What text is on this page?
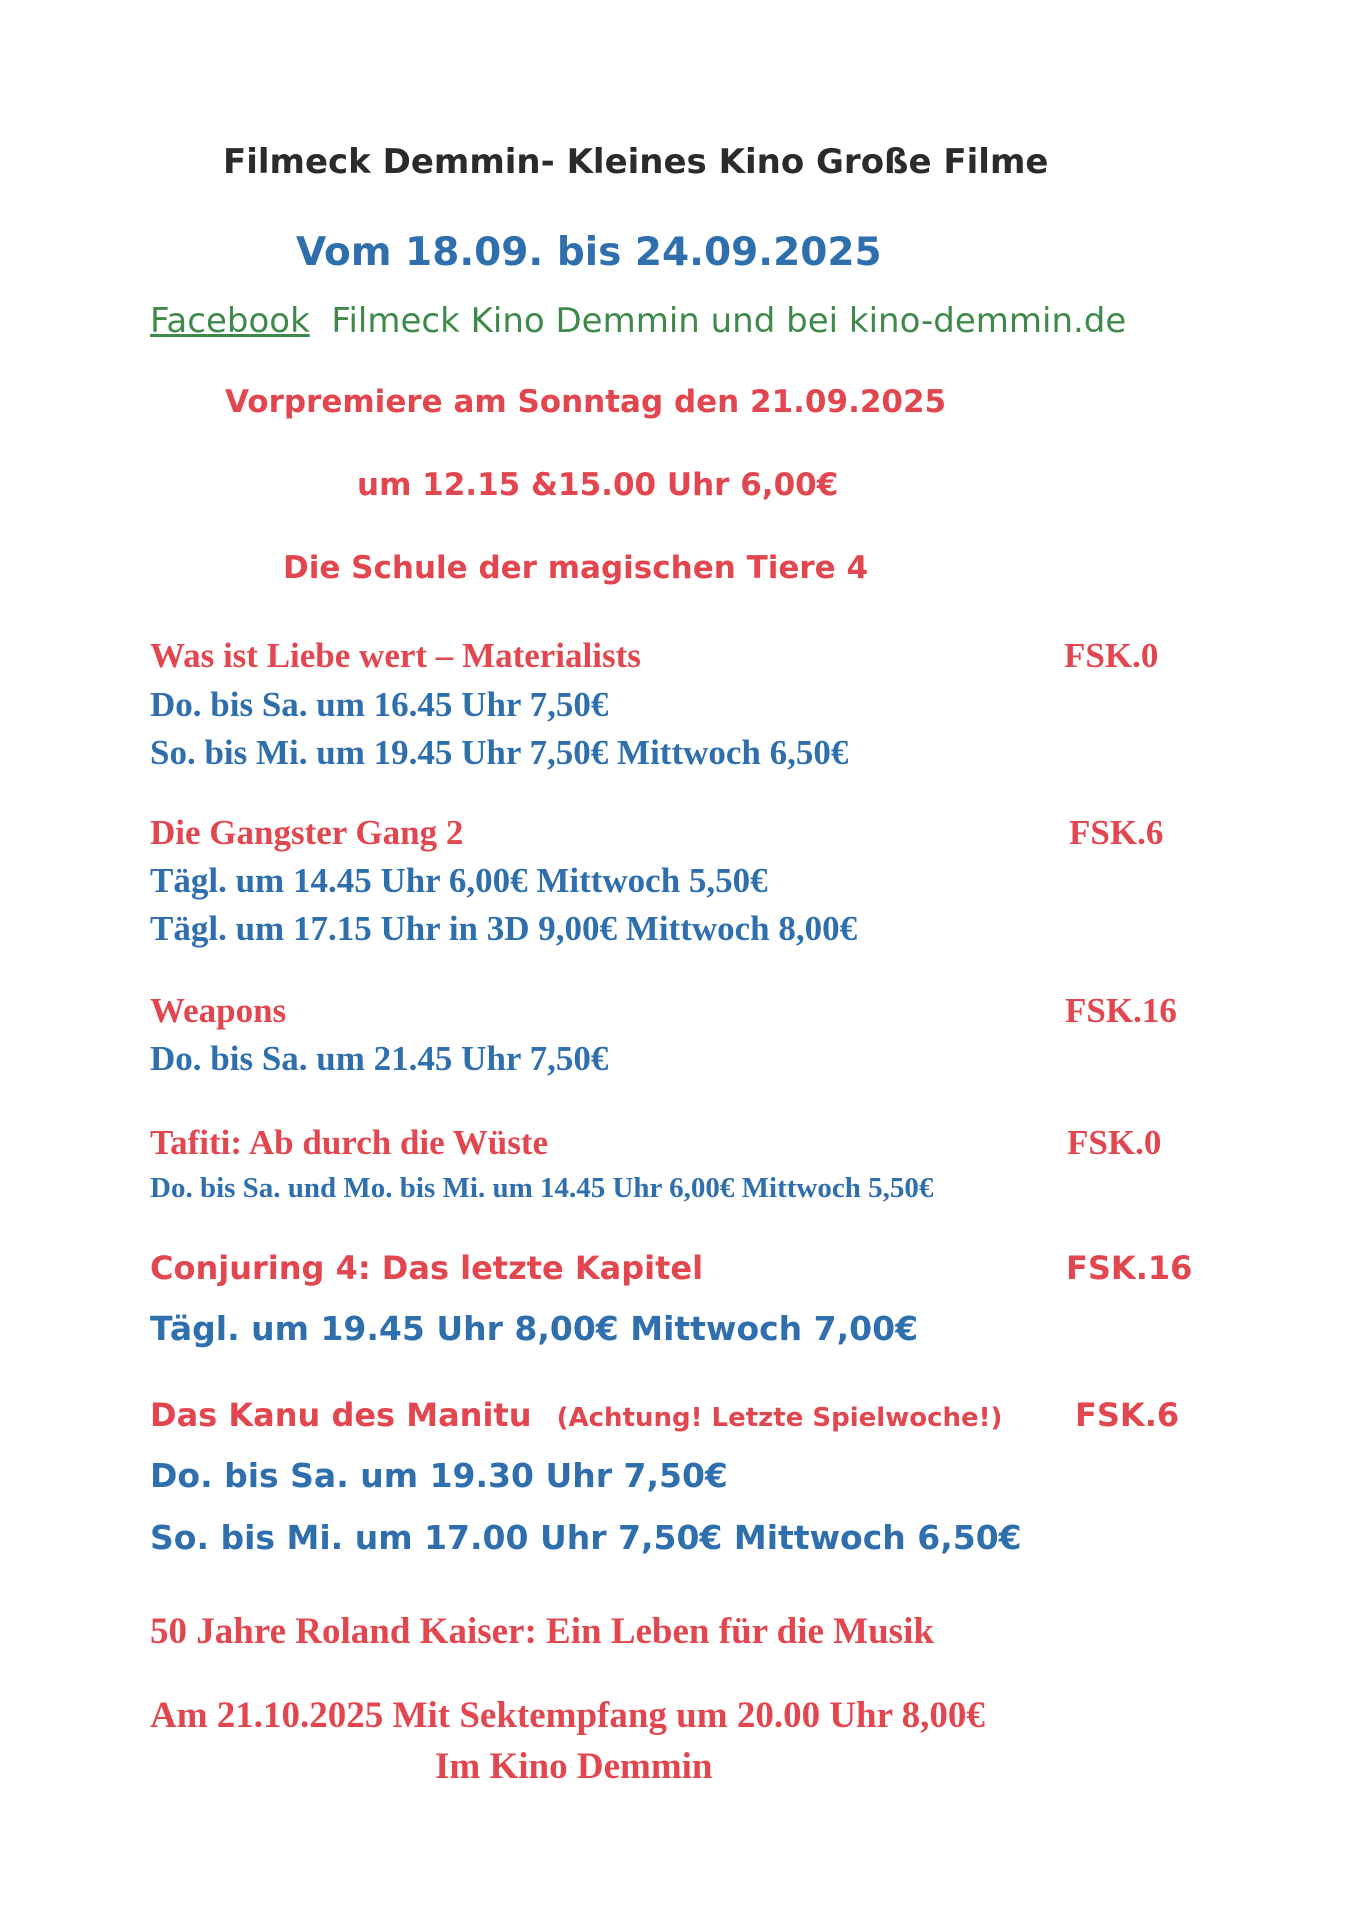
Filmeck Demmin- Kleines Kino Große Filme

Vom 18.09. bis 24.09.2025

Facebook Filmeck Kino Demmin und bei kino-demmin.de

Vorpremiere am Sonntag den 21.09.2025

um 12.15 &15.00 Uhr 6,00€

Die Schule der magischen Tiere 4

Was ist Liebe wert – Materialists	FSK.0

Do. bis Sa. um 16.45 Uhr 7,50€

So. bis Mi. um 19.45 Uhr 7,50€ Mittwoch 6,50€

Die Gangster Gang 2	FSK.6

Tägl. um 14.45 Uhr 6,00€ Mittwoch 5,50€

Tägl. um 17.15 Uhr in 3D 9,00€ Mittwoch 8,00€

Weapons	FSK.16

Do. bis Sa. um 21.45 Uhr 7,50€

Tafiti: Ab durch die Wüste	FSK.0

Do. bis Sa. und Mo. bis Mi. um 14.45 Uhr 6,00€ Mittwoch 5,50€

Conjuring 4: Das letzte Kapitel	FSK.16

Tägl. um 19.45 Uhr 8,00€ Mittwoch 7,00€

Das Kanu des Manitu (Achtung! Letzte Spielwoche!) FSK.6

Do. bis Sa. um 19.30 Uhr 7,50€

So. bis Mi. um 17.00 Uhr 7,50€ Mittwoch 6,50€

50 Jahre Roland Kaiser: Ein Leben für die Musik

Am 21.10.2025 Mit Sektempfang um 20.00 Uhr 8,00€

Im Kino Demmin
